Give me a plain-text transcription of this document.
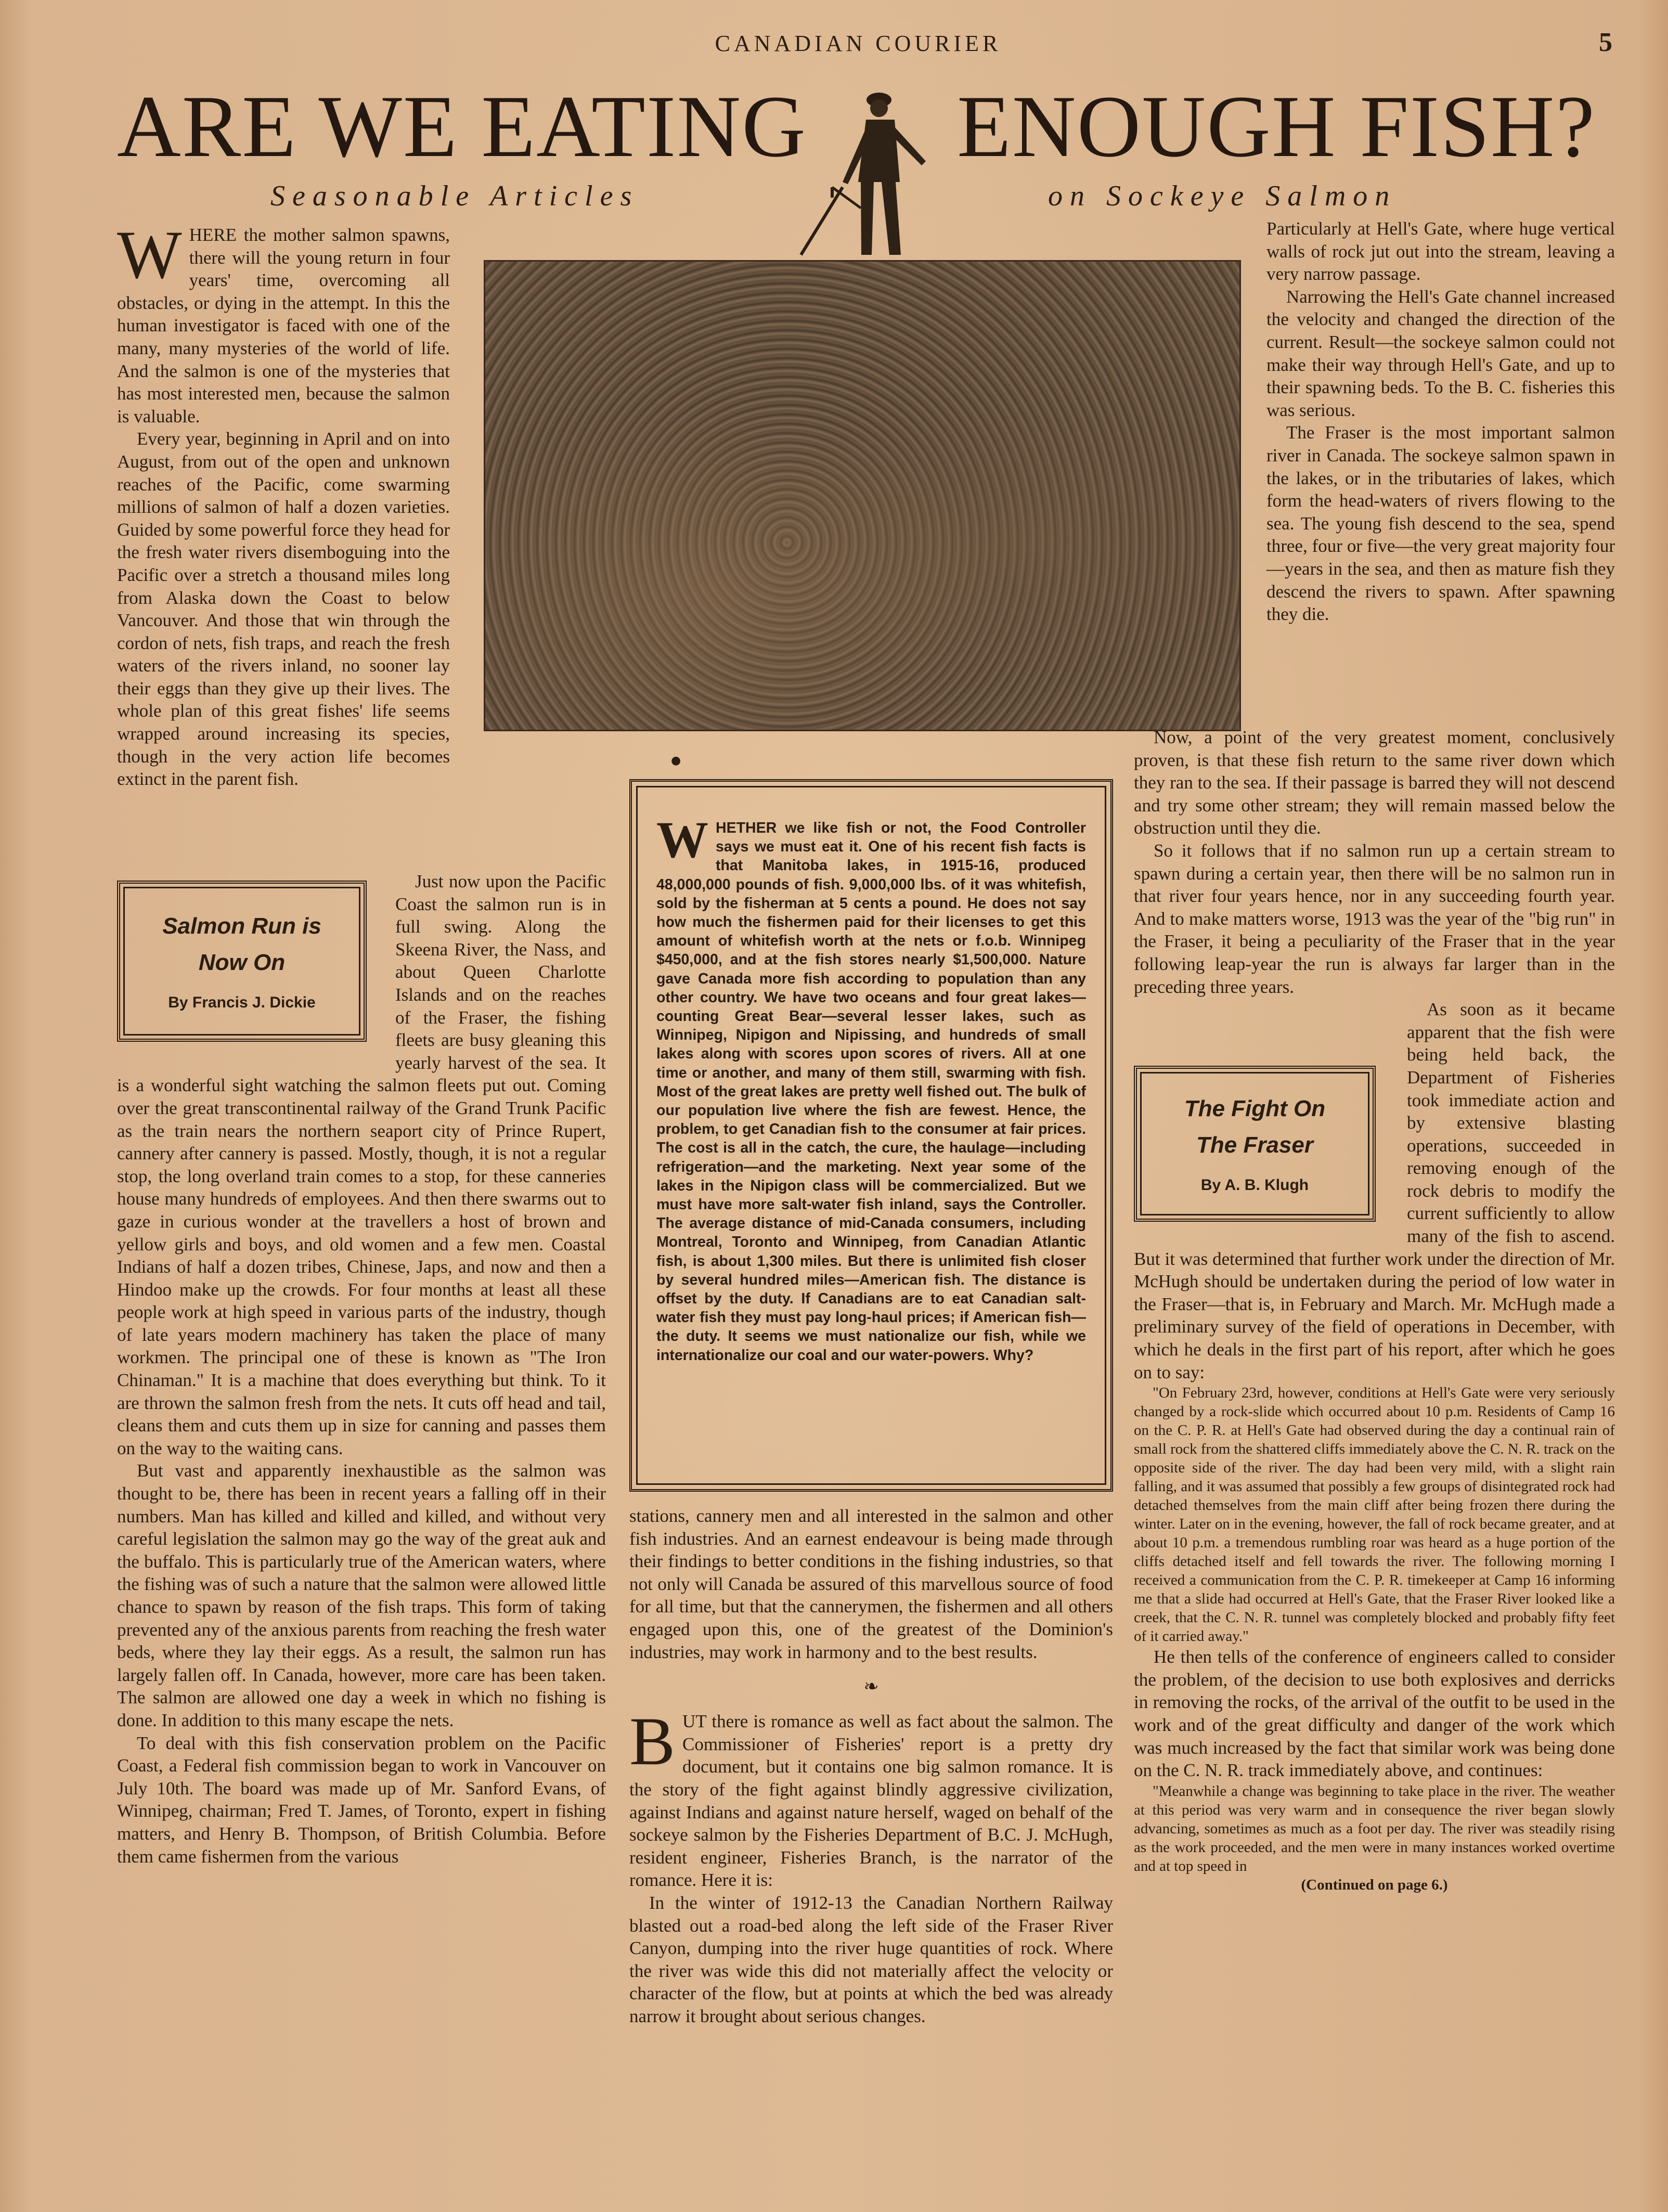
CANADIAN COURIER	5
ARE WE EATING ENOUGH FISH?
Seasonable Articles	on Sockeye Salmon
●
W HERE the mother salmon spawns, there will the young return in four years' time, overcoming all obstacles, or dying in the attempt. In this the human investigator is faced with one of the many, many mysteries of the world of life. And the salmon is one of the mysteries that has most interested men, because the salmon is valuable.

Every year, beginning in April and on into August, from out of the open and unknown reaches of the Pacific, come swarming millions of salmon of half a dozen varieties. Guided by some powerful force they head for the fresh water rivers disemboguing into the Pacific over a stretch a thousand miles long from Alaska down the Coast to below Vancouver. And those that win through the cordon of nets, fish traps, and reach the fresh waters of the rivers inland, no sooner lay their eggs than they give up their lives. The whole plan of this great fishes' life seems wrapped around increasing its species, though in the very action life becomes extinct in the parent fish.

Salmon Run is
Now On
By Francis J. Dickie

Just now upon the Pacific Coast the salmon run is in full swing. Along the Skeena River, the Nass, and about Queen Charlotte Islands and on the reaches of the Fraser, the fishing fleets are busy gleaning this yearly harvest of the sea. It is a wonderful sight watching the salmon fleets put out. Coming over the great transcontinental railway of the Grand Trunk Pacific as the train nears the northern seaport city of Prince Rupert, cannery after cannery is passed. Mostly, though, it is not a regular stop, the long overland train comes to a stop, for these canneries house many hundreds of employees. And then there swarms out to gaze in curious wonder at the travellers a host of brown and yellow girls and boys, and old women and a few men. Coastal Indians of half a dozen tribes, Chinese, Japs, and now and then a Hindoo make up the crowds. For four months at least all these people work at high speed in various parts of the industry, though of late years modern machinery has taken the place of many workmen. The principal one of these is known as "The Iron Chinaman." It is a machine that does everything but think. To it are thrown the salmon fresh from the nets. It cuts off head and tail, cleans them and cuts them up in size for canning and passes them on the way to the waiting cans.

But vast and apparently inexhaustible as the salmon was thought to be, there has been in recent years a falling off in their numbers. Man has killed and killed and killed, and without very careful legislation the salmon may go the way of the great auk and the buffalo. This is particularly true of the American waters, where the fishing was of such a nature that the salmon were allowed little chance to spawn by reason of the fish traps. This form of taking prevented any of the anxious parents from reaching the fresh water beds, where they lay their eggs. As a result, the salmon run has largely fallen off. In Canada, however, more care has been taken. The salmon are allowed one day a week in which no fishing is done. In addition to this many escape the nets.

To deal with this fish conservation problem on the Pacific Coast, a Federal fish commission began to work in Vancouver on July 10th. The board was made up of Mr. Sanford Evans, of Winnipeg, chairman; Fred T. James, of Toronto, expert in fishing matters, and Henry B. Thompson, of British Columbia. Before them came fishermen from the various

W HETHER we like fish or not, the Food Controller says we must eat it. One of his recent fish facts is that Manitoba lakes, in 1915-16, produced 48,000,000 pounds of fish. 9,000,000 lbs. of it was whitefish, sold by the fisherman at 5 cents a pound. He does not say how much the fishermen paid for their licenses to get this amount of whitefish worth at the nets or f.o.b. Winnipeg $450,000, and at the fish stores nearly $1,500,000. Nature gave Canada more fish according to population than any other country. We have two oceans and four great lakes—counting Great Bear—several lesser lakes, such as Winnipeg, Nipigon and Nipissing, and hundreds of small lakes along with scores upon scores of rivers. All at one time or another, and many of them still, swarming with fish. Most of the great lakes are pretty well fished out. The bulk of our population live where the fish are fewest. Hence, the problem, to get Canadian fish to the consumer at fair prices. The cost is all in the catch, the cure, the haulage—including refrigeration—and the marketing. Next year some of the lakes in the Nipigon class will be commercialized. But we must have more salt-water fish inland, says the Controller. The average distance of mid-Canada consumers, including Montreal, Toronto and Winnipeg, from Canadian Atlantic fish, is about 1,300 miles. But there is unlimited fish closer by several hundred miles—American fish. The distance is offset by the duty. If Canadians are to eat Canadian salt-water fish they must pay long-haul prices; if American fish—the duty. It seems we must nationalize our fish, while we internationalize our coal and our water-powers. Why?

stations, cannery men and all interested in the salmon and other fish industries. And an earnest endeavour is being made through their findings to better conditions in the fishing industries, so that not only will Canada be assured of this marvellous source of food for all time, but that the cannerymen, the fishermen and all others engaged upon this, one of the greatest of the Dominion's industries, may work in harmony and to the best results.

❧
B UT there is romance as well as fact about the salmon. The Commissioner of Fisheries' report is a pretty dry document, but it contains one big salmon romance. It is the story of the fight against blindly aggressive civilization, against Indians and against nature herself, waged on behalf of the sockeye salmon by the Fisheries Department of B.C. J. McHugh, resident engineer, Fisheries Branch, is the narrator of the romance. Here it is:

In the winter of 1912-13 the Canadian Northern Railway blasted out a road-bed along the left side of the Fraser River Canyon, dumping into the river huge quantities of rock. Where the river was wide this did not materially affect the velocity or character of the flow, but at points at which the bed was already narrow it brought about serious changes.

Particularly at Hell's Gate, where huge vertical walls of rock jut out into the stream, leaving a very narrow passage.

Narrowing the Hell's Gate channel increased the velocity and changed the direction of the current. Result—the sockeye salmon could not make their way through Hell's Gate, and up to their spawning beds. To the B. C. fisheries this was serious.

The Fraser is the most important salmon river in Canada. The sockeye salmon spawn in the lakes, or in the tributaries of lakes, which form the head-waters of rivers flowing to the sea. The young fish descend to the sea, spend three, four or five—the very great majority four—years in the sea, and then as mature fish they descend the rivers to spawn. After spawning they die.

Now, a point of the very greatest moment, conclusively proven, is that these fish return to the same river down which they ran to the sea. If their passage is barred they will not descend and try some other stream; they will remain massed below the obstruction until they die.

So it follows that if no salmon run up a certain stream to spawn during a certain year, then there will be no salmon run in that river four years hence, nor in any succeeding fourth year. And to make matters worse, 1913 was the year of the "big run" in the Fraser, it being a peculiarity of the Fraser that in the year following leap-year the run is always far larger than in the preceding three years.

The Fight On
The Fraser
By A. B. Klugh

As soon as it became apparent that the fish were being held back, the Department of Fisheries took immediate action and by extensive blasting operations, succeeded in removing enough of the rock debris to modify the current sufficiently to allow many of the fish to ascend. But it was determined that further work under the direction of Mr. McHugh should be undertaken during the period of low water in the Fraser—that is, in February and March. Mr. McHugh made a preliminary survey of the field of operations in December, with which he deals in the first part of his report, after which he goes on to say:

"On February 23rd, however, conditions at Hell's Gate were very seriously changed by a rock-slide which occurred about 10 p.m. Residents of Camp 16 on the C. P. R. at Hell's Gate had observed during the day a continual rain of small rock from the shattered cliffs immediately above the C. N. R. track on the opposite side of the river. The day had been very mild, with a slight rain falling, and it was assumed that possibly a few groups of disintegrated rock had detached themselves from the main cliff after being frozen there during the winter. Later on in the evening, however, the fall of rock became greater, and at about 10 p.m. a tremendous rumbling roar was heard as a huge portion of the cliffs detached itself and fell towards the river. The following morning I received a communication from the C. P. R. timekeeper at Camp 16 informing me that a slide had occurred at Hell's Gate, that the Fraser River looked like a creek, that the C. N. R. tunnel was completely blocked and probably fifty feet of it carried away."

He then tells of the conference of engineers called to consider the problem, of the decision to use both explosives and derricks in removing the rocks, of the arrival of the outfit to be used in the work and of the great difficulty and danger of the work which was much increased by the fact that similar work was being done on the C. N. R. track immediately above, and continues:

"Meanwhile a change was beginning to take place in the river. The weather at this period was very warm and in consequence the river began slowly advancing, sometimes as much as a foot per day. The river was steadily rising as the work proceeded, and the men were in many instances worked overtime and at top speed in

(Continued on page 6.)
